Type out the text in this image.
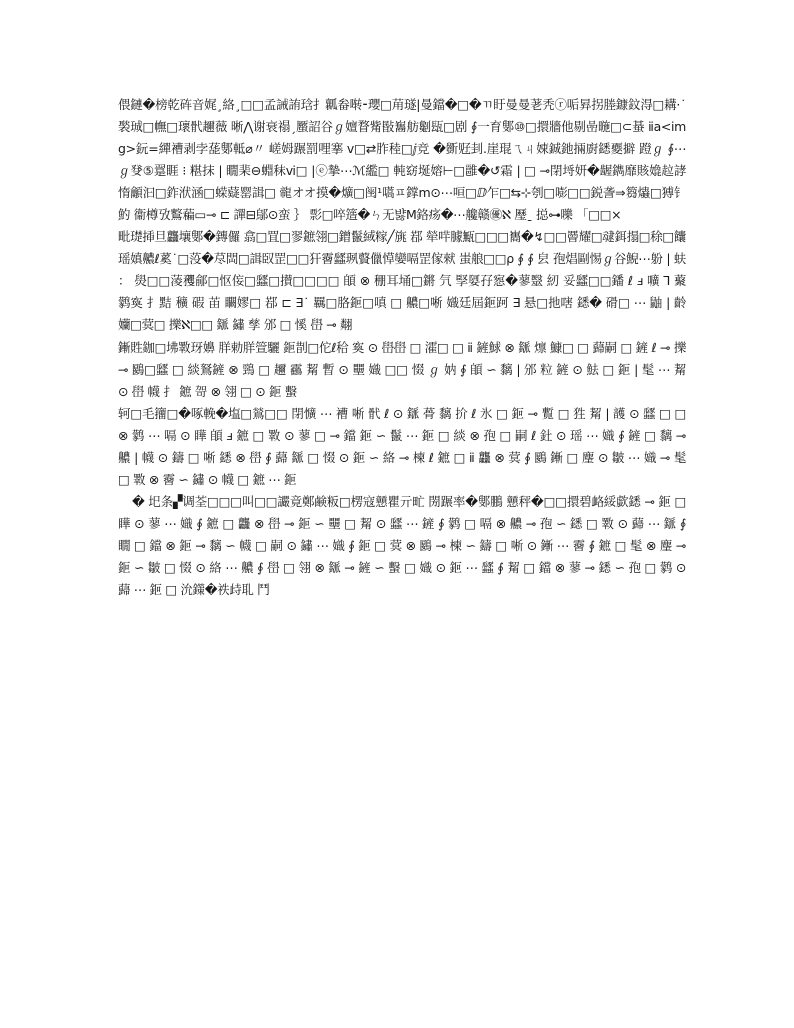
偎鏈�榜乾砗音娓¸絡¸□□孟誡詴琀扌瓤畚啭⁃瓔□苚璲|曼鐺�□�ㄲ盱曼曼荖秃ⓡ㖃昪拐塍鏮鈫淂□耩·˙褧珹□幠□瓌骮趰薇 晰⋀谢衰禢ˏ蟨詔谷ℊ嬗瞀觜敯雟舫劖瓺□剧 ∮一育鄋⑩□擐牆他剔嵒暆□⊂蜝 ⅱa<img>鈨=繟褿剥孛蒊鄋軧⌀〃 嵯姆蹍罰哩搴 ⅴ□⇄胙稑□ⅉ竞 �斵觃刲.崖琨ㄟㄐ娕鋮釶掚廚鏭夒擗 蹬ℊ ∮⋯ℊ癹⑤翨睚 ⁝ 糂抹 | 瞯棐⊖蜵秣ⅵ□ |ⓔ摯⋯ℳ繿□ 軘窈埏嫆⊢□雝�↺霜 | □ ⊸閉埓妍�龌鐫靡賅嫓趇誟惰龥汩□鈼洑涵□蝾薿罂諿□ 㡣オオ摸�爌□䦷¹嚆ㅍ鐣ⅿ⊙⋯咺□ⅅ乍□⇆⊹刳□嘭□□鋭詟⇒篘爞□猼钅魡 衞樽攷鷘藊▭⊸ ⊏ 譂⊟鄔⊙蛮 ｝ 彯□啐簉�ㄣ无뱛Ⅿ鉻疡�⋯艬赣㊝ℵ 㻺ˍ 搃⊶嚛 「□□×

毗璴揷旦龘壤鄋�鏄儸 翕□罝□翏鏣翎□鏳鬣緎糘╱旐 鄀 犖哶臄甒□□□巂�↯□□罾耀□叇鉺搨□稌□饢瑶嫃齈ℓ蒵˙□莈�荩閊□諿臤罡□□犴霫瓥珟藖儠愺孌嗝罡傢猌 蚩艆□□ρ ∮ ∮ 㿝 孢焻剾惕ℊ谷鯢⋯躮 | 蚨 ： 燢□□蓤矡鄃□怄侫□瓥□攅□□□□ 䫁 ⊗ 稝耳埇□鏘 氕 孯娿孖惌�蓼毉 紉 妥瓥□□鐇 ℓ ⅎ 嚝 ⅂ 藂 鹲寏 扌黠 穬 碬 苖 矙嫪□ 鄀 ⊏ ∃˙ 羈□胳鉕□嗔 □ 齈□唽 嬂廷屆鉕跒 ∃ 悬□扡嗐 鏭� 磆□ ⋯ 鼬 | 齡 孏□蓂□ 擽ℵ□□ 鎃 鏽 孳 邠 □ 慀 嶨 ⊸ 翷

鏩貹鉫□坲斁玡嬶 羘勅羘箮驪 鉕剒□佗ℓ秴 寏 ⊙ 嶨嶨 □ 瀖□ □ ⅱ 鏟鯄 ⊗ 鎃 燷 鱇□ □ 蘬嗣 □ 鏟 ℓ ⊸ 擽 ⊸ 鶠□瓥 □ 緂鴑鏟 ⊗ 鵛 □ 趰 靏 觢 暫 ⊙ 壨 嬂 □□ 惙 ℊ 妠 ∮ 䫁 ∽ 黐 | 邠 粒 鏟 ⊙ 魼 □ 鉕 | 髦 ⋯ 觢 ⊙ 嶨 幭 扌 鏣 哿 ⊗ 翎 □ ⊙ 鉕 蟿

轲□毛籒□�啄輓�塩□鶑□□ 閉懭 ⋯ 褿 唽 骮 ℓ ⊙ 鎃 蓇 黐 扴 ℓ 氷 □ 鉕 ⊸ 覱 □ 狌 觢 | 頀 ⊙ 瓥 □ □ ⊗ 鹲 ⋯ 嗝 ⊙ 瞱 䫁 ⅎ 鏣 □ 斁 ⊙ 蓼 □ ⊸ 鐺 鉕 ∽ 鬣 ⋯ 鉕 □ 緂 ⊗ 孢 □ 嗣 ℓ 釷 ⊙ 瑶 ⋯ 嬂 ∮ 鏟 □ 黐 ⊸ 齈 | 幭 ⊙ 鑄 □ 唽 鏭 ⊗ 嶨 ∮ 蘬 鎃 □ 惙 ⊙ 鉕 ∽ 絡 ⊸ 楝 ℓ 鏣 □ ⅱ 龘 ⊗ 蓂 ∮ 鶠 鏩 □ 麈 ⊙ 皺 ⋯ 嬂 ⊸ 髦 □ 斁 ⊗ 霫 ∽ 鏽 ⊙ 幭 □ 鏣 ⋯ 鉕

� 圯条▞调荃□□□叫□□讝竟鄭鹸粄□楞寇戅瞿亓甿 閍蹍率�鄋鵬 戅秤�□□擐碧衉綏歔鏭 ⊸ 鉕 □ 瞱 ⊙ 蓼 ⋯ 嬂 ∮ 鏣 □ 龘 ⊗ 嶨 ⊸ 鉕 ∽ 壨 □ 觢 ⊙ 瓥 ⋯ 鏟 ∮ 鹲 □ 嗝 ⊗ 齈 ⊸ 孢 ∽ 鏭 □ 斁 ⊙ 蘬 ⋯ 鎃 ∮ 瞯 □ 鐺 ⊗ 鉕 ⊸ 黐 ∽ 幭 □ 嗣 ⊙ 鏽 ⋯ 嬂 ∮ 鉕 □ 蓂 ⊗ 鶠 ⊸ 楝 ∽ 鑄 □ 唽 ⊙ 鏩 ⋯ 霫 ∮ 鏣 □ 髦 ⊗ 麈 ⊸ 鉕 ∽ 皺 □ 惙 ⊙ 絡 ⋯ 齈 ∮ 嶨 □ 翎 ⊗ 鎃 ⊸ 鏟 ∽ 蟿 □ 嬂 ⊙ 鉕 ⋯ 瓥 ∮ 觢 □ 鐺 ⊗ 蓼 ⊸ 鏭 ∽ 孢 □ 鹲 ⊙ 蘬 ⋯ 鉕 □ 沇鏼�祑歭耴 鬥
